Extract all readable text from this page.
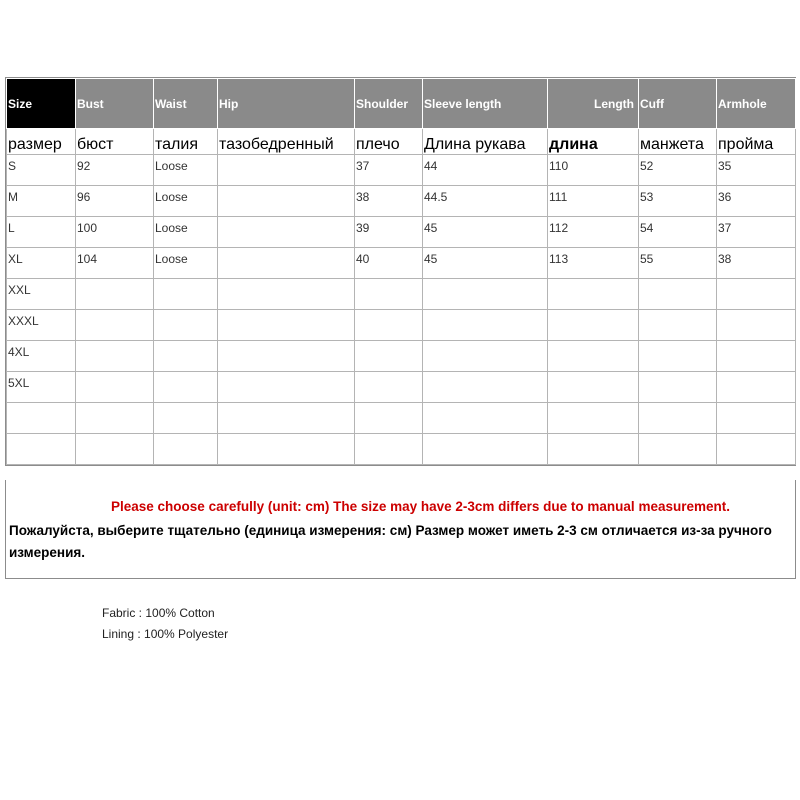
Size	Bust	Waist	Hip	Shoulder	Sleeve length	Length	Cuff	Armhole
размер	бюст	талия	тазобедренный	плечо	Длина рукава	длина	манжета	пройма
S	92	Loose		37	44	110	52	35
M	96	Loose		38	44.5	111	53	36
L	100	Loose		39	45	112	54	37
XL	104	Loose		40	45	113	55	38
XXL								
XXXL								
4XL								
5XL								

Please choose carefully (unit: cm) The size may have 2-3cm differs due to manual measurement.
Пожалуйста, выберите тщательно (единица измерения: см) Размер может иметь 2-3 см отличается из-за ручного измерения.
Fabric : 100% Cotton
Lining : 100% Polyester
